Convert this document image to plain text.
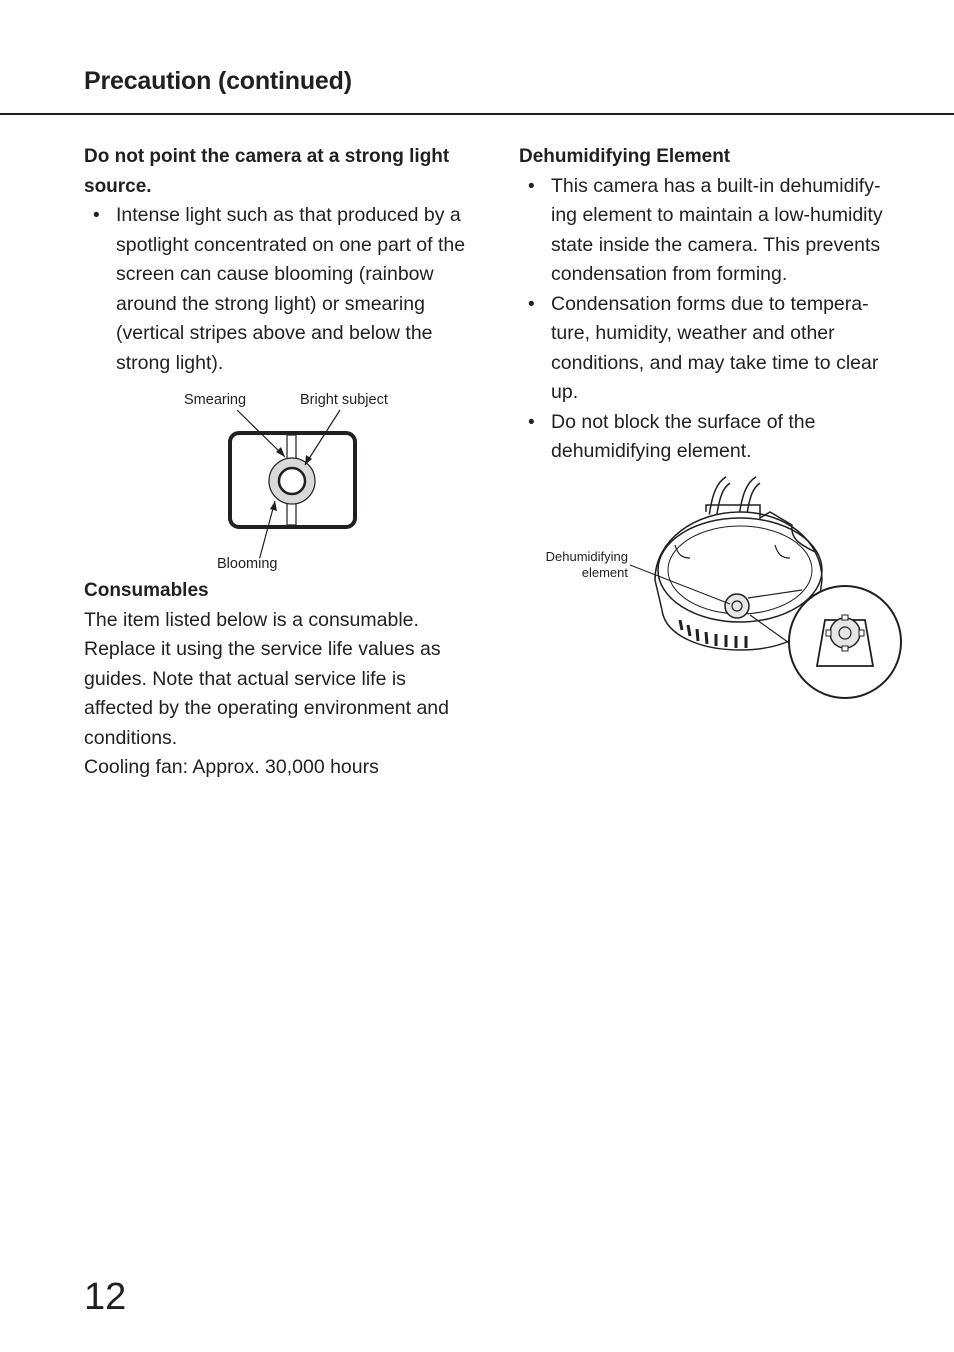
Precaution (continued)

Do not point the camera at a strong light source.

• Intense light such as that produced by a spotlight concentrated on one part of the screen can cause blooming (rainbow around the strong light) or smearing (vertical stripes above and below the strong light).
Smearing	Bright subject
Blooming

Consumables

The item listed below is a consumable. Replace it using the service life values as guides. Note that actual service life is affected by the operating environment and conditions.

Cooling fan: Approx. 30,000 hours

Dehumidifying Element

• This camera has a built-in dehumidify-ing element to maintain a low-humidity state inside the camera. This prevents condensation from forming.
• Condensation forms due to tempera-ture, humidity, weather and other conditions, and may take time to clear up.
• Do not block the surface of the dehumidifying element.
Dehumidifying
element

12
